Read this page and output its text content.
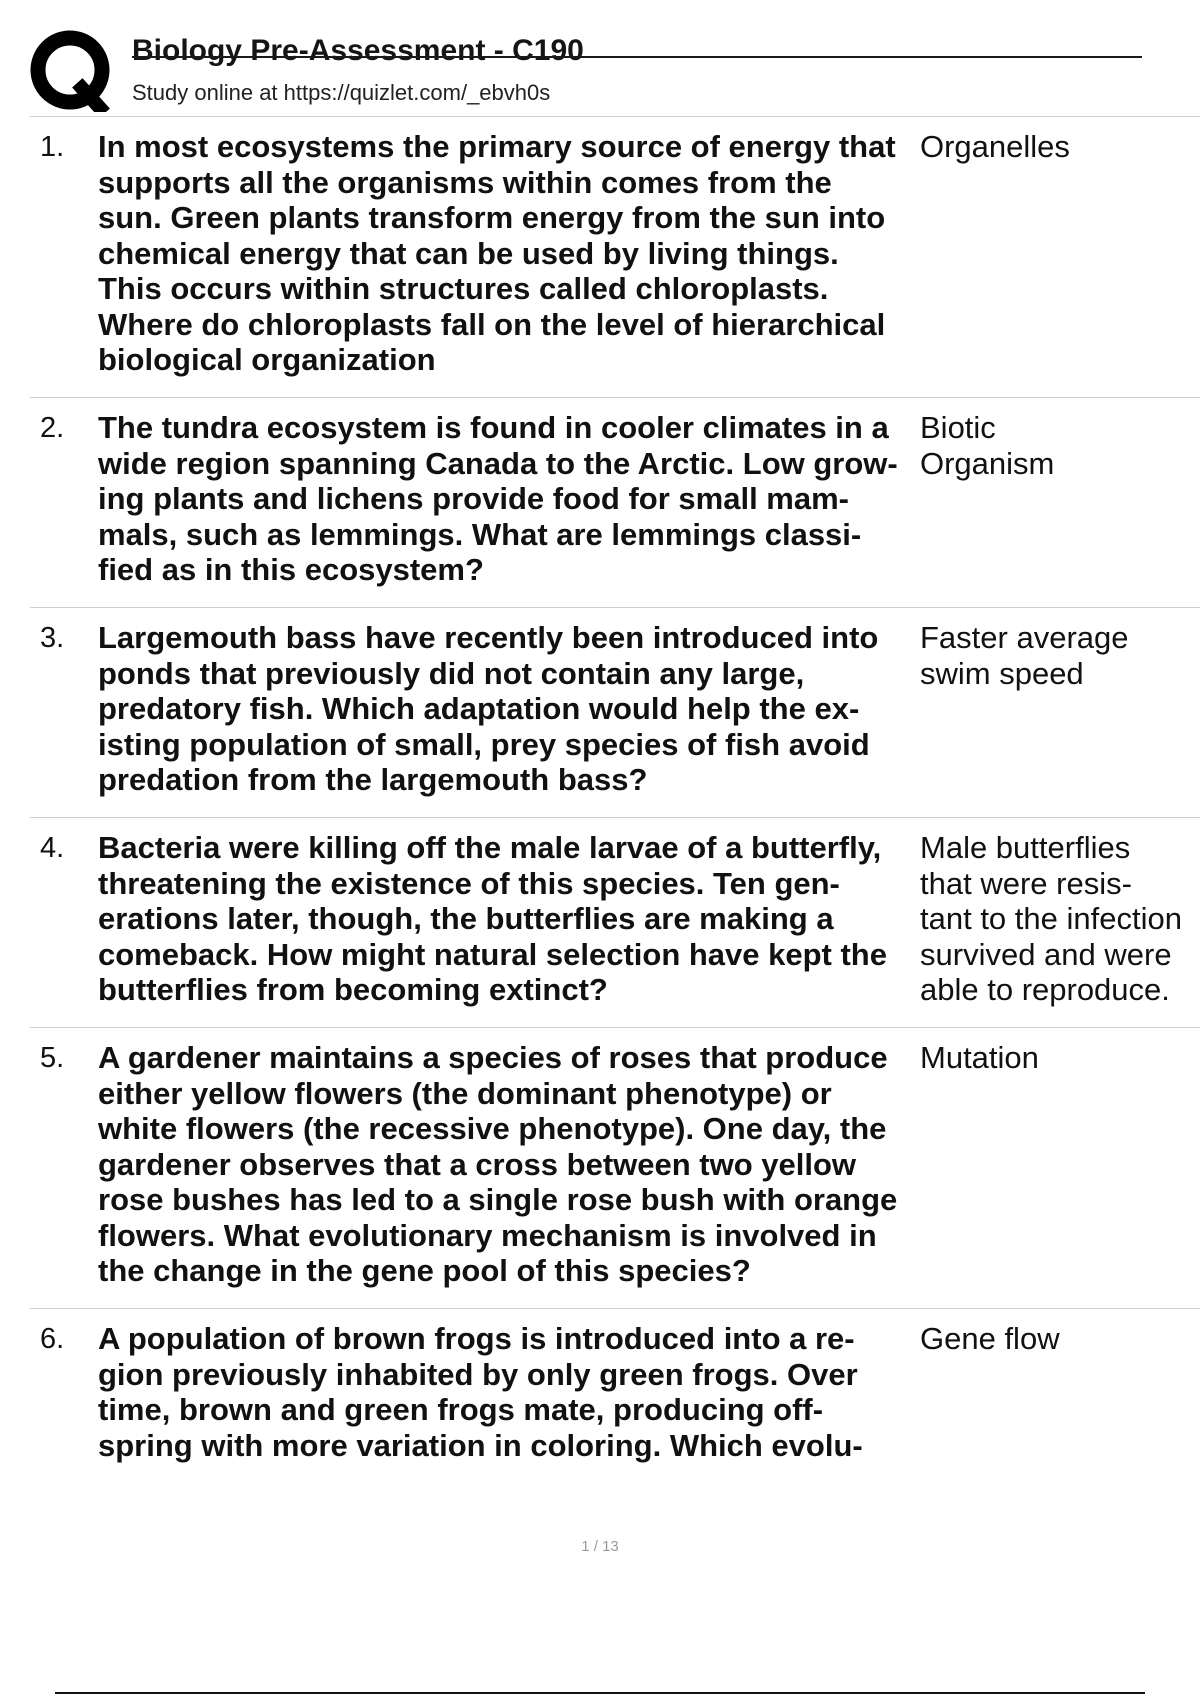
Biology Pre-Assessment - C190
Study online at https://quizlet.com/_ebvh0s
1. In most ecosystems the primary source of energy that
supports all the organisms within comes from the
sun. Green plants transform energy from the sun into
chemical energy that can be used by living things.
This occurs within structures called chloroplasts.
Where do chloroplasts fall on the level of hierarchical
biological organization
Organelles
2. The tundra ecosystem is found in cooler climates in a
wide region spanning Canada to the Arctic. Low grow-
ing plants and lichens provide food for small mam-
mals, such as lemmings. What are lemmings classi-
fied as in this ecosystem?
Biotic
Organism
3. Largemouth bass have recently been introduced into
ponds that previously did not contain any large,
predatory fish. Which adaptation would help the ex-
isting population of small, prey species of fish avoid
predation from the largemouth bass?
Faster average
swim speed
4. Bacteria were killing off the male larvae of a butterfly,
threatening the existence of this species. Ten gen-
erations later, though, the butterflies are making a
comeback. How might natural selection have kept the
butterflies from becoming extinct?
Male butterflies
that were resis-
tant to the infection
survived and were
able to reproduce.
5. A gardener maintains a species of roses that produce
either yellow flowers (the dominant phenotype) or
white flowers (the recessive phenotype). One day, the
gardener observes that a cross between two yellow
rose bushes has led to a single rose bush with orange
flowers. What evolutionary mechanism is involved in
the change in the gene pool of this species?
Mutation
6. A population of brown frogs is introduced into a re-
gion previously inhabited by only green frogs. Over
time, brown and green frogs mate, producing off-
spring with more variation in coloring. Which evolu-
Gene flow
1 / 13
